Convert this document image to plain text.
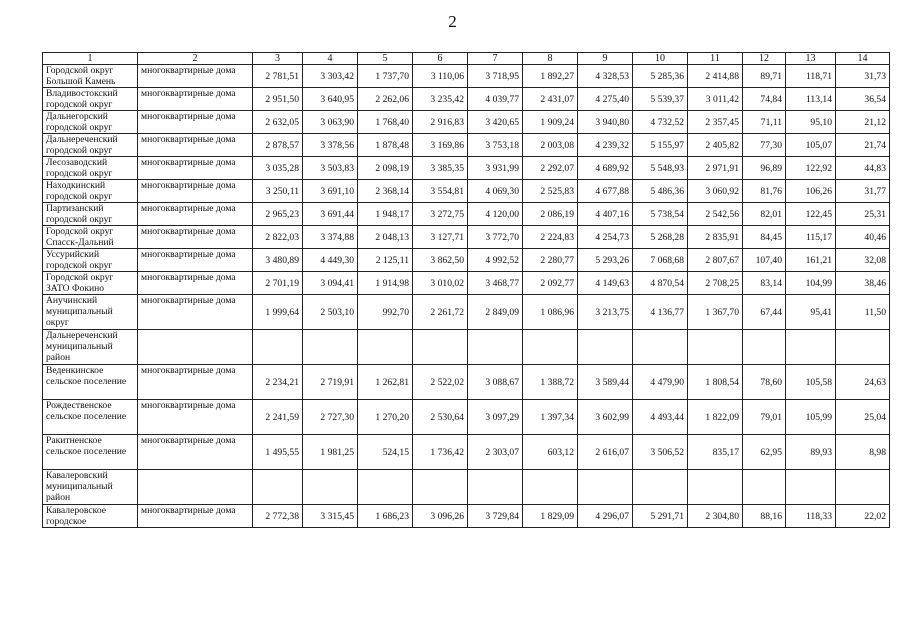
2
1	2	3	4	5	6	7	8	9	10	11	12	13	14
Городской округ Большой Камень	многоквартирные дома	2 781,51	3 303,42	1 737,70	3 110,06	3 718,95	1 892,27	4 328,53	5 285,36	2 414,88	89,71	118,71	31,73
Владивостокский городской округ	многоквартирные дома	2 951,50	3 640,95	2 262,06	3 235,42	4 039,77	2 431,07	4 275,40	5 539,37	3 011,42	74,84	113,14	36,54
Дальнегорский городской округ	многоквартирные дома	2 632,05	3 063,90	1 768,40	2 916,83	3 420,65	1 909,24	3 940,80	4 732,52	2 357,45	71,11	95,10	21,12
Дальнереченский городской округ	многоквартирные дома	2 878,57	3 378,56	1 878,48	3 169,86	3 753,18	2 003,08	4 239,32	5 155,97	2 405,82	77,30	105,07	21,74
Лесозаводский городской округ	многоквартирные дома	3 035,28	3 503,83	2 098,19	3 385,35	3 931,99	2 292,07	4 689,92	5 548,93	2 971,91	96,89	122,92	44,83
Находкинский городской округ	многоквартирные дома	3 250,11	3 691,10	2 368,14	3 554,81	4 069,30	2 525,83	4 677,88	5 486,36	3 060,92	81,76	106,26	31,77
Партизанский городской округ	многоквартирные дома	2 965,23	3 691,44	1 948,17	3 272,75	4 120,00	2 086,19	4 407,16	5 738,54	2 542,56	82,01	122,45	25,31
Городской округ Спасск-Дальний	многоквартирные дома	2 822,03	3 374,88	2 048,13	3 127,71	3 772,70	2 224,83	4 254,73	5 268,28	2 835,91	84,45	115,17	40,46
Уссурийский городской округ	многоквартирные дома	3 480,89	4 449,30	2 125,11	3 862,50	4 992,52	2 280,77	5 293,26	7 068,68	2 807,67	107,40	161,21	32,08
Городской округ ЗАТО Фокино	многоквартирные дома	2 701,19	3 094,41	1 914,98	3 010,02	3 468,77	2 092,77	4 149,63	4 870,54	2 708,25	83,14	104,99	38,46
Анучинский муниципальный округ	многоквартирные дома	1 999,64	2 503,10	992,70	2 261,72	2 849,09	1 086,96	3 213,75	4 136,77	1 367,70	67,44	95,41	11,50
Дальнереченский муниципальный район													
Веденкинское сельское поселение	многоквартирные дома	2 234,21	2 719,91	1 262,81	2 522,02	3 088,67	1 388,72	3 589,44	4 479,90	1 808,54	78,60	105,58	24,63
Рождественское сельское поселение	многоквартирные дома	2 241,59	2 727,30	1 270,20	2 530,64	3 097,29	1 397,34	3 602,99	4 493,44	1 822,09	79,01	105,99	25,04
Ракитненское сельское поселение	многоквартирные дома	1 495,55	1 981,25	524,15	1 736,42	2 303,07	603,12	2 616,07	3 506,52	835,17	62,95	89,93	8,98
Кавалеровский муниципальный район													
Кавалеровское городское	многоквартирные дома	2 772,38	3 315,45	1 686,23	3 096,26	3 729,84	1 829,09	4 296,07	5 291,71	2 304,80	88,16	118,33	22,02
